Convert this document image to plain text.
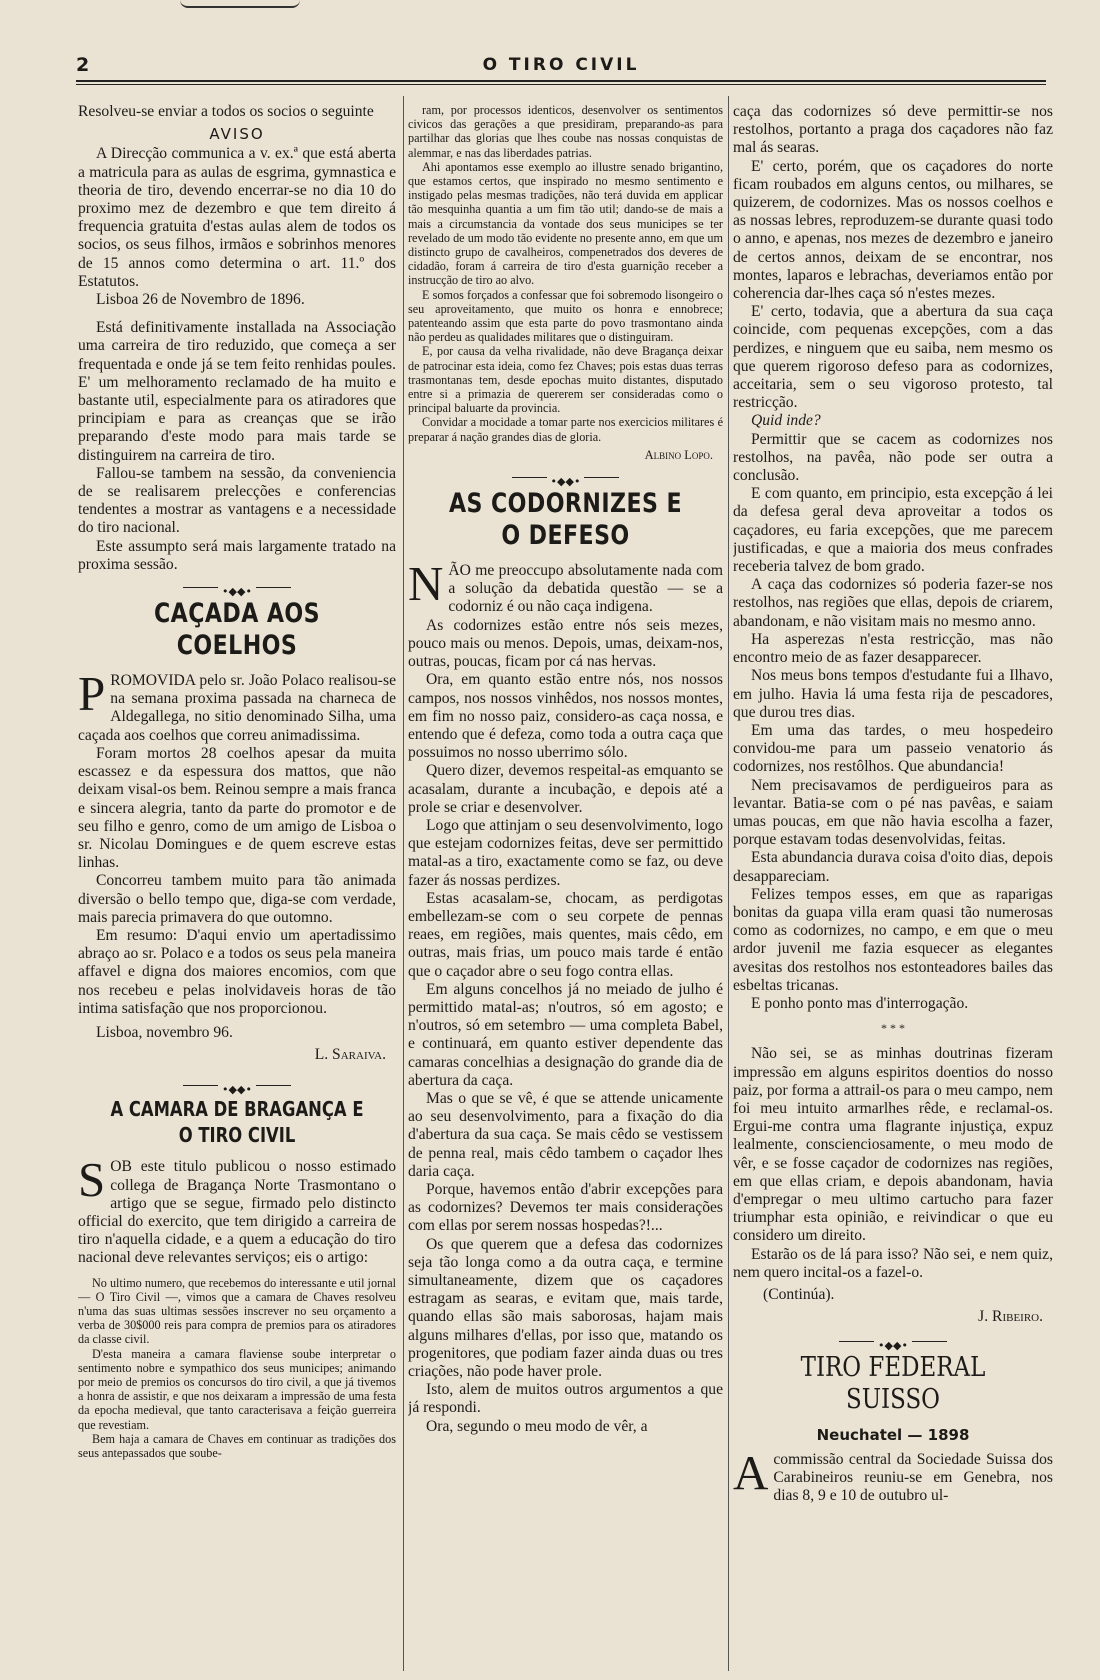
2	O TIRO CIVIL

Resolveu-se enviar a todos os socios o seguinte

AVISO

A Direcção communica a v. ex.ª que está aberta a matricula para as aulas de esgrima, gymnastica e theoria de tiro, devendo encerrar-se no dia 10 do proximo mez de dezembro e que tem direito á frequencia gratuita d'estas aulas alem de todos os socios, os seus filhos, irmãos e sobrinhos menores de 15 annos como determina o art. 11.º dos Estatutos.

Lisboa 26 de Novembro de 1896.

Está definitivamente installada na Associação uma carreira de tiro reduzido, que começa a ser frequentada e onde já se tem feito renhidas poules. E' um melhoramento reclamado de ha muito e bastante util, especialmente para os atiradores que principiam e para as creanças que se irão preparando d'este modo para mais tarde se distinguirem na carreira de tiro.

Fallou-se tambem na sessão, da conveniencia de se realisarem prelecções e conferencias tendentes a mostrar as vantagens e a necessidade do tiro nacional.

Este assumpto será mais largamente tratado na proxima sessão.

•◆◆•
CAÇADA AOS COELHOS

PROMOVIDA pelo sr. João Polaco realisou-se na semana proxima passada na charneca de Aldegallega, no sitio denominado Silha, uma caçada aos coelhos que correu animadissima.

Foram mortos 28 coelhos apesar da muita escassez e da espessura dos mattos, que não deixam visal-os bem. Reinou sempre a mais franca e sincera alegria, tanto da parte do promotor e de seu filho e genro, como de um amigo de Lisboa o sr. Nicolau Domingues e de quem escreve estas linhas.

Concorreu tambem muito para tão animada diversão o bello tempo que, diga-se com verdade, mais parecia primavera do que outomno.

Em resumo: D'aqui envio um apertadissimo abraço ao sr. Polaco e a todos os seus pela maneira affavel e digna dos maiores encomios, com que nos recebeu e pelas inolvidaveis horas de tão intima satisfação que nos proporcionou.

Lisboa, novembro 96.

L. Saraiva.

•◆◆•
A CAMARA DE BRAGANÇA E O TIRO CIVIL

SOB este titulo publicou o nosso estimado collega de Bragança Norte Trasmontano o artigo que se segue, firmado pelo distincto official do exercito, que tem dirigido a carreira de tiro n'aquella cidade, e a quem a educação do tiro nacional deve relevantes serviços; eis o artigo:

No ultimo numero, que recebemos do interessante e util jornal — O Tiro Civil —, vimos que a camara de Chaves resolveu n'uma das suas ultimas sessões inscrever no seu orçamento a verba de 30$000 reis para compra de premios para os atiradores da classe civil.

D'esta maneira a camara flaviense soube interpretar o sentimento nobre e sympathico dos seus municipes; animando por meio de premios os concursos do tiro civil, a que já tivemos a honra de assistir, e que nos deixaram a impressão de uma festa da epocha medieval, que tanto caracterisava a feição guerreira que revestiam.

Bem haja a camara de Chaves em continuar as tradições dos seus antepassados que soube-

ram, por processos identicos, desenvolver os sentimentos civicos das gerações a que presidiram, preparando-as para partilhar das glorias que lhes coube nas nossas conquistas de alemmar, e nas das liberdades patrias.

Ahi apontamos esse exemplo ao illustre senado brigantino, que estamos certos, que inspirado no mesmo sentimento e instigado pelas mesmas tradições, não terá duvida em applicar tão mesquinha quantia a um fim tão util; dando-se de mais a mais a circumstancia da vontade dos seus municipes se ter revelado de um modo tão evidente no presente anno, em que um distincto grupo de cavalheiros, compenetrados dos deveres de cidadão, foram á carreira de tiro d'esta guarnição receber a instrucção de tiro ao alvo.

E somos forçados a confessar que foi sobremodo lisongeiro o seu aproveitamento, que muito os honra e ennobrece; patenteando assim que esta parte do povo trasmontano ainda não perdeu as qualidades militares que o distinguiram.

E, por causa da velha rivalidade, não deve Bragança deixar de patrocinar esta ideia, como fez Chaves; pois estas duas terras trasmontanas tem, desde epochas muito distantes, disputado entre si a primazia de quererem ser consideradas como o principal baluarte da provincia.

Convidar a mocidade a tomar parte nos exercicios militares é preparar á nação grandes dias de gloria.

Albino Lopo.

•◆◆•
AS CODORNIZES E O DEFESO

NÃO me preoccupo absolutamente nada com a solução da debatida questão — se a codorniz é ou não caça indigena.

As codornizes estão entre nós seis mezes, pouco mais ou menos. Depois, umas, deixam-nos, outras, poucas, ficam por cá nas hervas.

Ora, em quanto estão entre nós, nos nossos campos, nos nossos vinhêdos, nos nossos montes, em fim no nosso paiz, considero-as caça nossa, e entendo que é defeza, como toda a outra caça que possuimos no nosso uberrimo sólo.

Quero dizer, devemos respeital-as emquanto se acasalam, durante a incubação, e depois até a prole se criar e desenvolver.

Logo que attinjam o seu desenvolvimento, logo que estejam codornizes feitas, deve ser permittido matal-as a tiro, exactamente como se faz, ou deve fazer ás nossas perdizes.

Estas acasalam-se, chocam, as perdigotas embellezam-se com o seu corpete de pennas reaes, em regiões, mais quentes, mais cêdo, em outras, mais frias, um pouco mais tarde é então que o caçador abre o seu fogo contra ellas.

Em alguns concelhos já no meiado de julho é permittido matal-as; n'outros, só em agosto; e n'outros, só em setembro — uma completa Babel, e continuará, em quanto estiver dependente das camaras concelhias a designação do grande dia de abertura da caça.

Mas o que se vê, é que se attende unicamente ao seu desenvolvimento, para a fixação do dia d'abertura da sua caça. Se mais cêdo se vestissem de penna real, mais cêdo tambem o caçador lhes daria caça.

Porque, havemos então d'abrir excepções para as codornizes? Devemos ter mais considerações com ellas por serem nossas hospedas?!...

Os que querem que a defesa das codornizes seja tão longa como a da outra caça, e termine simultaneamente, dizem que os caçadores estragam as searas, e evitam que, mais tarde, quando ellas são mais saborosas, hajam mais alguns milhares d'ellas, por isso que, matando os progenitores, que podiam fazer ainda duas ou tres criações, não pode haver prole.

Isto, alem de muitos outros argumentos a que já respondi.

Ora, segundo o meu modo de vêr, a

caça das codornizes só deve permittir-se nos restolhos, portanto a praga dos caçadores não faz mal ás searas.

E' certo, porém, que os caçadores do norte ficam roubados em alguns centos, ou milhares, se quizerem, de codornizes. Mas os nossos coelhos e as nossas lebres, reproduzem-se durante quasi todo o anno, e apenas, nos mezes de dezembro e janeiro de certos annos, deixam de se encontrar, nos montes, laparos e lebrachas, deveriamos então por coherencia dar-lhes caça só n'estes mezes.

E' certo, todavia, que a abertura da sua caça coincide, com pequenas excepções, com a das perdizes, e ninguem que eu saiba, nem mesmo os que querem rigoroso defeso para as codornizes, acceitaria, sem o seu vigoroso protesto, tal restricção.

Quid inde?

Permittir que se cacem as codornizes nos restolhos, na pavêa, não pode ser outra a conclusão.

E com quanto, em principio, esta excepção á lei da defesa geral deva aproveitar a todos os caçadores, eu faria excepções, que me parecem justificadas, e que a maioria dos meus confrades receberia talvez de bom grado.

A caça das codornizes só poderia fazer-se nos restolhos, nas regiões que ellas, depois de criarem, abandonam, e não visitam mais no mesmo anno.

Ha asperezas n'esta restricção, mas não encontro meio de as fazer desapparecer.

Nos meus bons tempos d'estudante fui a Ilhavo, em julho. Havia lá uma festa rija de pescadores, que durou tres dias.

Em uma das tardes, o meu hospedeiro convidou-me para um passeio venatorio ás codornizes, nos restôlhos. Que abundancia!

Nem precisavamos de perdigueiros para as levantar. Batia-se com o pé nas pavêas, e saiam umas poucas, em que não havia escolha a fazer, porque estavam todas desenvolvidas, feitas.

Esta abundancia durava coisa d'oito dias, depois desappareciam.

Felizes tempos esses, em que as raparigas bonitas da guapa villa eram quasi tão numerosas como as codornizes, no campo, e em que o meu ardor juvenil me fazia esquecer as elegantes avesitas dos restolhos nos estonteadores bailes das esbeltas tricanas.

E ponho ponto mas d'interrogação.

* * *

Não sei, se as minhas doutrinas fizeram impressão em alguns espiritos doentios do nosso paiz, por forma a attrail-os para o meu campo, nem foi meu intuito armarlhes rêde, e reclamal-os. Ergui-me contra uma flagrante injustiça, expuz lealmente, conscienciosamente, o meu modo de vêr, e se fosse caçador de codornizes nas regiões, em que ellas criam, e depois abandonam, havia d'empregar o meu ultimo cartucho para fazer triumphar esta opinião, e reivindicar o que eu considero um direito.

Estarão os de lá para isso? Não sei, e nem quiz, nem quero incital-os a fazel-o.

(Continúa).

J. Ribeiro.

•◆◆•
TIRO FEDERAL SUISSO
Neuchatel — 1898

Acommissão central da Sociedade Suissa dos Carabineiros reuniu-se em Genebra, nos dias 8, 9 e 10 de outubro ul-
